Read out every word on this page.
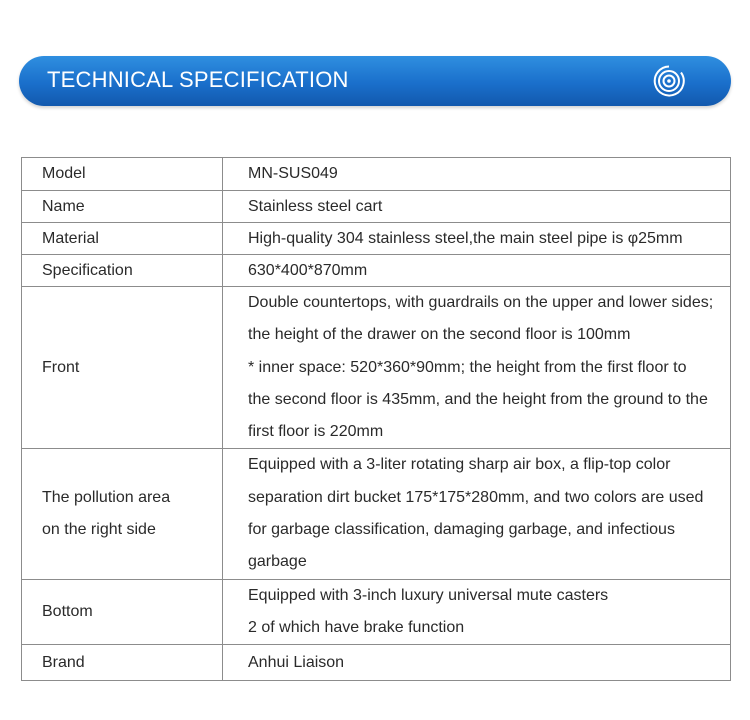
TECHNICAL SPECIFICATION
Model	MN-SUS049

Name	Stainless steel cart

Material	High-quality 304 stainless steel,the main steel pipe is φ25mm

Specification	630*400*870mm

Front	Double countertops, with guardrails on the upper and lower sides;
the height of the drawer on the second floor is 100mm
* inner space: 520*360*90mm; the height from the first floor to
the second floor is 435mm, and the height from the ground to the
first floor is 220mm

The pollution area
on the right side	Equipped with a 3-liter rotating sharp air box, a flip-top color
separation dirt bucket 175*175*280mm, and two colors are used
for garbage classification, damaging garbage, and infectious
garbage

Bottom	Equipped with 3-inch luxury universal mute casters
2 of which have brake function

Brand	Anhui Liaison
